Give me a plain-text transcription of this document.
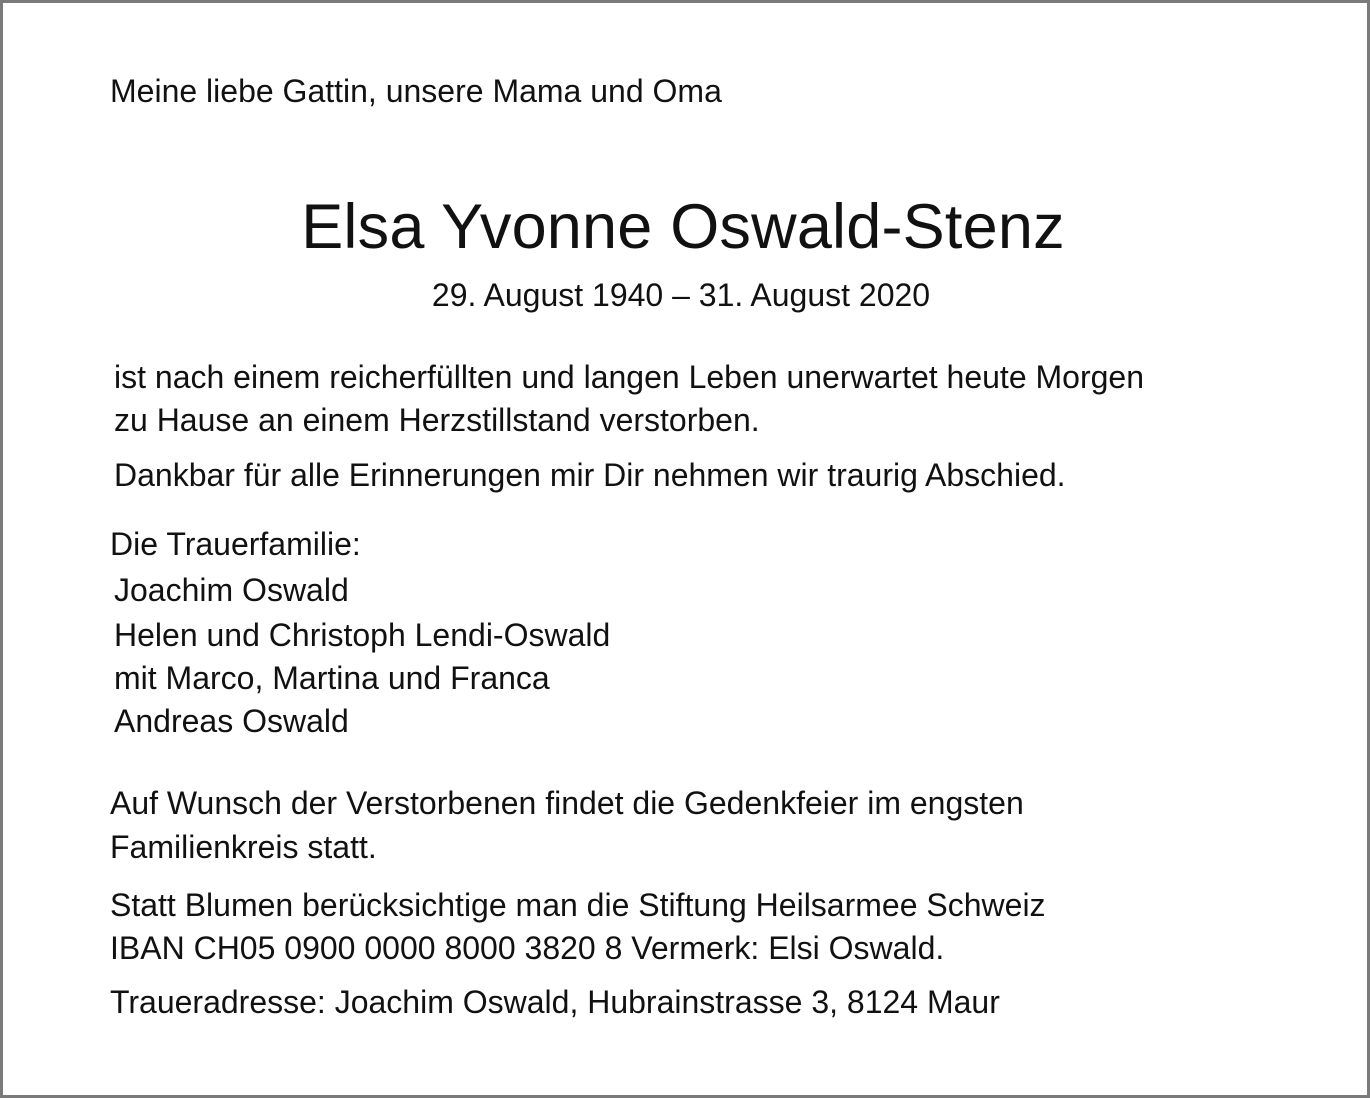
Meine liebe Gattin, unsere Mama und Oma
Elsa Yvonne Oswald-Stenz
29. August 1940 – 31. August 2020
ist nach einem reicherfüllten und langen Leben unerwartet heute Morgen
zu Hause an einem Herzstillstand verstorben.
Dankbar für alle Erinnerungen mir Dir nehmen wir traurig Abschied.
Die Trauerfamilie:
Joachim Oswald
Helen und Christoph Lendi-Oswald
mit Marco, Martina und Franca
Andreas Oswald
Auf Wunsch der Verstorbenen findet die Gedenkfeier im engsten
Familienkreis statt.
Statt Blumen berücksichtige man die Stiftung Heilsarmee Schweiz
IBAN CH05 0900 0000 8000 3820 8 Vermerk: Elsi Oswald.
Traueradresse: Joachim Oswald, Hubrainstrasse 3, 8124 Maur
